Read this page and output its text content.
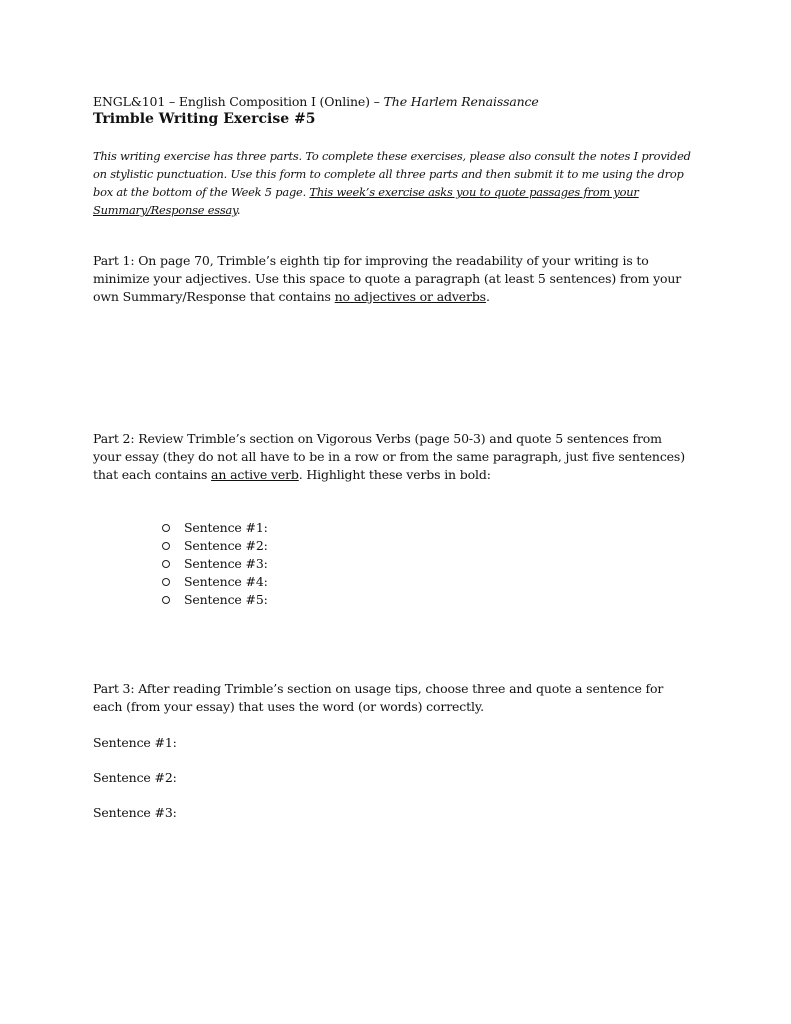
ENGL&101 – English Composition I (Online) – The Harlem Renaissance
Trimble Writing Exercise #5
This writing exercise has three parts. To complete these exercises, please also consult the notes I provided on stylistic punctuation. Use this form to complete all three parts and then submit it to me using the drop box at the bottom of the Week 5 page. This week’s exercise asks you to quote passages from your Summary/Response essay.
Part 1: On page 70, Trimble’s eighth tip for improving the readability of your writing is to minimize your adjectives. Use this space to quote a paragraph (at least 5 sentences) from your own Summary/Response that contains no adjectives or adverbs.
Part 2: Review Trimble’s section on Vigorous Verbs (page 50-3) and quote 5 sentences from your essay (they do not all have to be in a row or from the same paragraph, just five sentences) that each contains an active verb. Highlight these verbs in bold:
Sentence #1:
Sentence #2:
Sentence #3:
Sentence #4:
Sentence #5:
Part 3: After reading Trimble’s section on usage tips, choose three and quote a sentence for each (from your essay) that uses the word (or words) correctly.
Sentence #1:
Sentence #2:
Sentence #3:
